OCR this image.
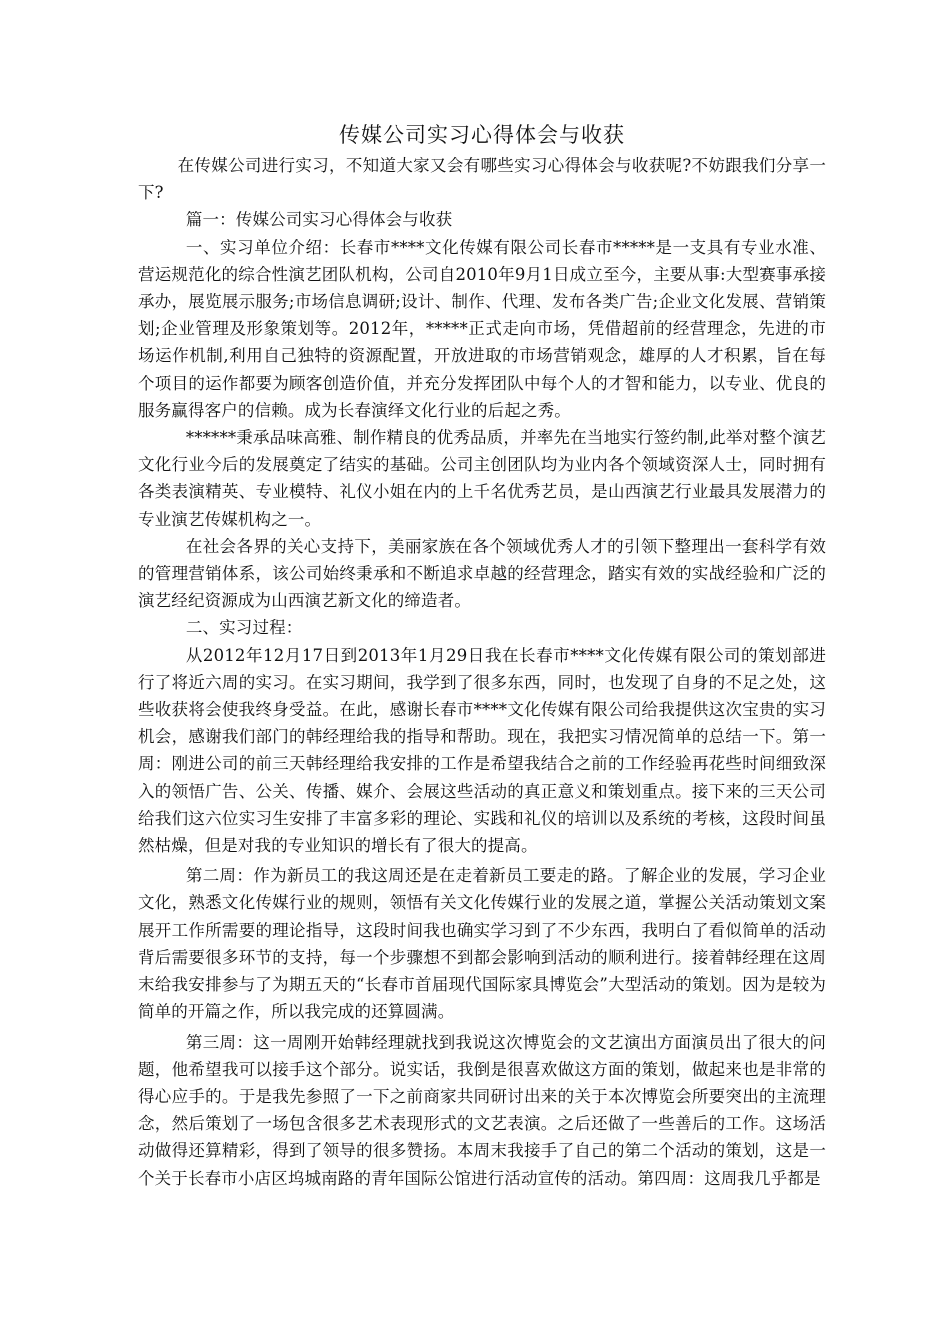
传媒公司实习心得体会与收获

在传媒公司进行实习，不知道大家又会有哪些实习心得体会与收获呢?不妨跟我们分享一下?

篇一：传媒公司实习心得体会与收获

一、实习单位介绍：长春市****文化传媒有限公司长春市*****是一支具有专业水准、营运规范化的综合性演艺团队机构，公司自2010年9月1日成立至今，主要从事:大型赛事承接承办，展览展示服务;市场信息调研;设计、制作、代理、发布各类广告;企业文化发展、营销策划;企业管理及形象策划等。2012年，*****正式走向市场，凭借超前的经营理念，先进的市场运作机制,利用自己独特的资源配置，开放进取的市场营销观念，雄厚的人才积累，旨在每个项目的运作都要为顾客创造价值，并充分发挥团队中每个人的才智和能力，以专业、优良的服务赢得客户的信赖。成为长春演绎文化行业的后起之秀。

******秉承品味高雅、制作精良的优秀品质，并率先在当地实行签约制,此举对整个演艺文化行业今后的发展奠定了结实的基础。公司主创团队均为业内各个领域资深人士，同时拥有各类表演精英、专业模特、礼仪小姐在内的上千名优秀艺员，是山西演艺行业最具发展潜力的专业演艺传媒机构之一。

在社会各界的关心支持下，美丽家族在各个领域优秀人才的引领下整理出一套科学有效的管理营销体系，该公司始终秉承和不断追求卓越的经营理念，踏实有效的实战经验和广泛的演艺经纪资源成为山西演艺新文化的缔造者。

二、实习过程：

从2012年12月17日到2013年1月29日我在长春市****文化传媒有限公司的策划部进行了将近六周的实习。在实习期间，我学到了很多东西，同时，也发现了自身的不足之处，这些收获将会使我终身受益。在此，感谢长春市****文化传媒有限公司给我提供这次宝贵的实习机会，感谢我们部门的韩经理给我的指导和帮助。现在，我把实习情况简单的总结一下。第一周：刚进公司的前三天韩经理给我安排的工作是希望我结合之前的工作经验再花些时间细致深入的领悟广告、公关、传播、媒介、会展这些活动的真正意义和策划重点。接下来的三天公司给我们这六位实习生安排了丰富多彩的理论、实践和礼仪的培训以及系统的考核，这段时间虽然枯燥，但是对我的专业知识的增长有了很大的提高。

第二周：作为新员工的我这周还是在走着新员工要走的路。了解企业的发展，学习企业文化，熟悉文化传媒行业的规则，领悟有关文化传媒行业的发展之道，掌握公关活动策划文案展开工作所需要的理论指导，这段时间我也确实学习到了不少东西，我明白了看似简单的活动背后需要很多环节的支持，每一个步骤想不到都会影响到活动的顺利进行。接着韩经理在这周末给我安排参与了为期五天的“长春市首届现代国际家具博览会”大型活动的策划。因为是较为简单的开篇之作，所以我完成的还算圆满。

第三周：这一周刚开始韩经理就找到我说这次博览会的文艺演出方面演员出了很大的问题，他希望我可以接手这个部分。说实话，我倒是很喜欢做这方面的策划，做起来也是非常的得心应手的。于是我先参照了一下之前商家共同研讨出来的关于本次博览会所要突出的主流理念，然后策划了一场包含很多艺术表现形式的文艺表演。之后还做了一些善后的工作。这场活动做得还算精彩，得到了领导的很多赞扬。本周末我接手了自己的第二个活动的策划，这是一个关于长春市小店区坞城南路的青年国际公馆进行活动宣传的活动。第四周：这周我几乎都是
